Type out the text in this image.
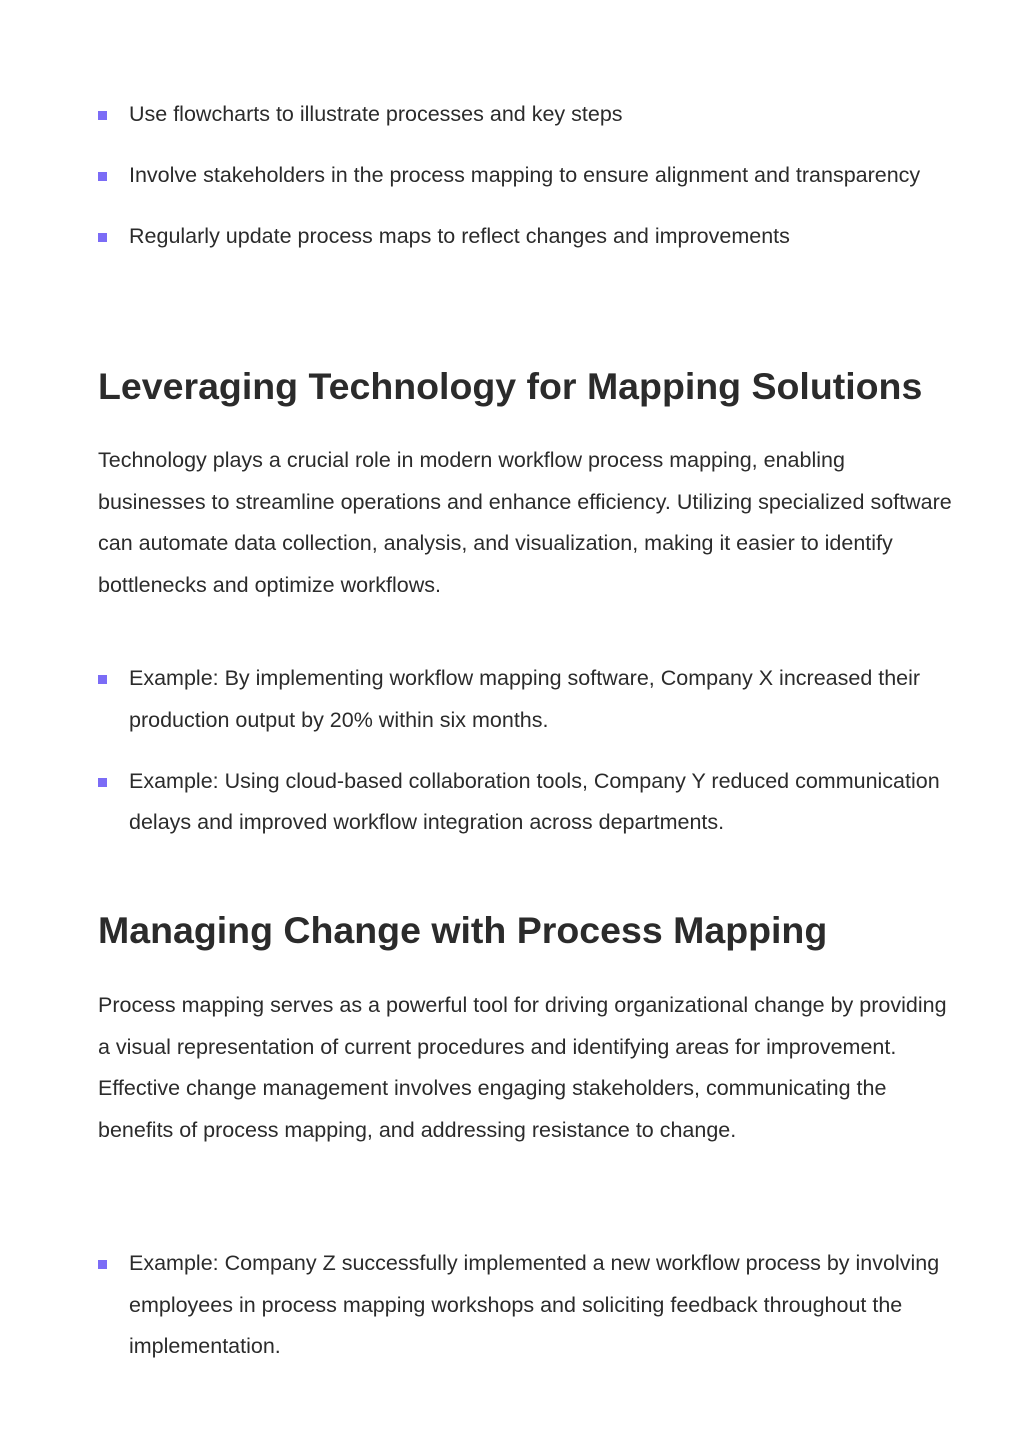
Use flowcharts to illustrate processes and key steps
Involve stakeholders in the process mapping to ensure alignment and transparency
Regularly update process maps to reflect changes and improvements
Leveraging Technology for Mapping Solutions

Technology plays a crucial role in modern workflow process mapping, enabling businesses to streamline operations and enhance efficiency. Utilizing specialized software can automate data collection, analysis, and visualization, making it easier to identify bottlenecks and optimize workflows.

Example: By implementing workflow mapping software, Company X increased their production output by 20% within six months.
Example: Using cloud-based collaboration tools, Company Y reduced communication delays and improved workflow integration across departments.
Managing Change with Process Mapping

Process mapping serves as a powerful tool for driving organizational change by providing a visual representation of current procedures and identifying areas for improvement. Effective change management involves engaging stakeholders, communicating the benefits of process mapping, and addressing resistance to change.

Example: Company Z successfully implemented a new workflow process by involving employees in process mapping workshops and soliciting feedback throughout the implementation.
